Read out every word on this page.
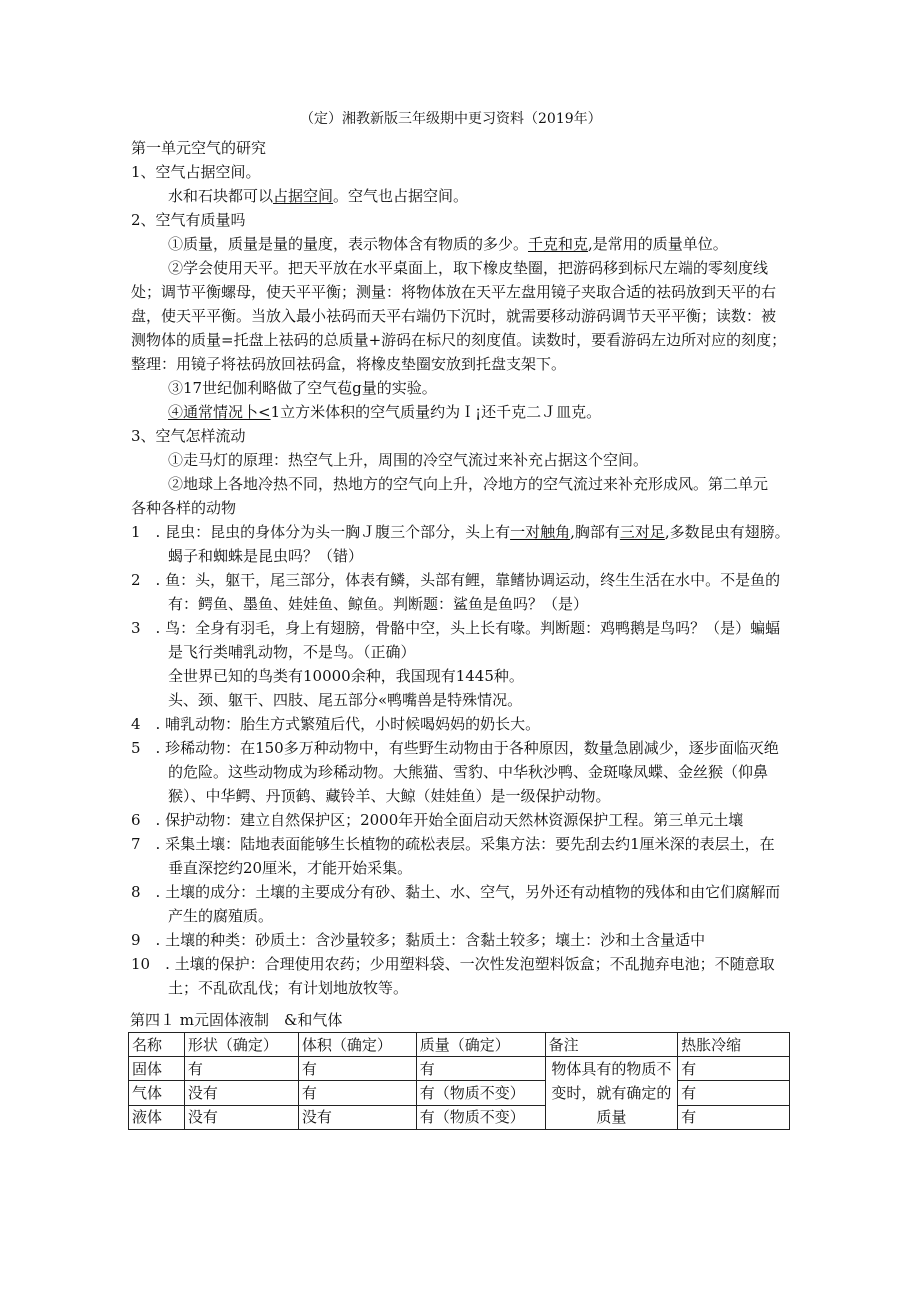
（定）湘教新版三年级期中更习资料（2019年）
第一单元空气的研究
1、空气占据空间。
水和石块都可以占据空间。空气也占据空间。
2、空气有质量吗
①质量，质量是量的量度，表示物体含有物质的多少。千克和克,是常用的质量单位。
②学会使用天平。把天平放在水平桌面上，取下橡皮垫圈，把游码移到标尺左端的零刻度线
处；调节平衡螺母，使天平平衡；测量：将物体放在天平左盘用镜子夹取合适的祛码放到天平的右
盘，使天平平衡。当放入最小祛码而天平右端仍下沉时，就需要移动游码调节天平平衡；读数：被
测物体的质量=托盘上祛码的总质量+游码在标尺的刻度值。读数时，要看游码左边所对应的刻度；
整理：用镜子将祛码放回祛码盒，将橡皮垫圈安放到托盘支架下。
③17世纪伽利略做了空气苞g量的实验。
④通常情况卜<1立方米体积的空气质量约为Ｉ¡还千克二Ｊ皿克。
3、空气怎样流动
①走马灯的原理：热空气上升，周围的冷空气流过来补充占据这个空间。
②地球上各地冷热不同，热地方的空气向上升，冷地方的空气流过来补充形成风。第二单元
各种各样的动物
1　. 昆虫：昆虫的身体分为头一胸Ｊ腹三个部分，头上有一对触角,胸部有三对足,多数昆虫有翅膀。
蝎子和蜘蛛是昆虫吗？（错）
2　. 鱼：头，躯干，尾三部分，体表有鳞，头部有鲤，靠鳍协调运动，终生生活在水中。不是鱼的
有：鳄鱼、墨鱼、娃娃鱼、鲸鱼。判断题：鲨鱼是鱼吗？（是）
3　. 鸟：全身有羽毛，身上有翅膀，骨骼中空，头上长有喙。判断题：鸡鸭鹅是鸟吗？（是）蝙蝠
是飞行类哺乳动物，不是鸟。（正确）
全世界已知的鸟类有10000余种，我国现有1445种。
头、颈、躯干、四肢、尾五部分«鸭嘴兽是特殊情况。
4　. 哺乳动物：胎生方式繁殖后代，小时候喝妈妈的奶长大。
5　. 珍稀动物：在150多万种动物中，有些野生动物由于各种原因，数量急剧减少，逐步面临灭绝
的危险。这些动物成为珍稀动物。大熊猫、雪豹、中华秋沙鸭、金斑喙凤蝶、金丝猴（仰鼻
猴）、中华鳄、丹顶鹤、藏铃羊、大鲸（娃娃鱼）是一级保护动物。
6　. 保护动物：建立自然保护区；2000年开始全面启动天然林资源保护工程。第三单元土壤
7　. 采集土壤：陆地表面能够生长植物的疏松表层。采集方法：要先刮去约1厘米深的表层土，在
垂直深挖约20厘米，才能开始采集。
8　. 土壤的成分：土壤的主要成分有砂、黏土、水、空气，另外还有动植物的残体和由它们腐解而
产生的腐殖质。
9　. 土壤的种类：砂质土：含沙量较多；黏质土：含黏土较多；壤土：沙和土含量适中
10　. 土壤的保护：合理使用农药；少用塑料袋、一次性发泡塑料饭盒；不乱抛弃电池；不随意取
土；不乱砍乱伐；有计划地放牧等。
第四１ m元固体液制　&和气体
名称	形状（确定）	体积（确定）	质量（确定）	备注	热胀冷缩
固体	有	有	有	物体具有的物质不变时，就有确定的质量	有
气体	没有	有	有（物质不变）		有
液体	没有	没有	有（物质不变）		有
